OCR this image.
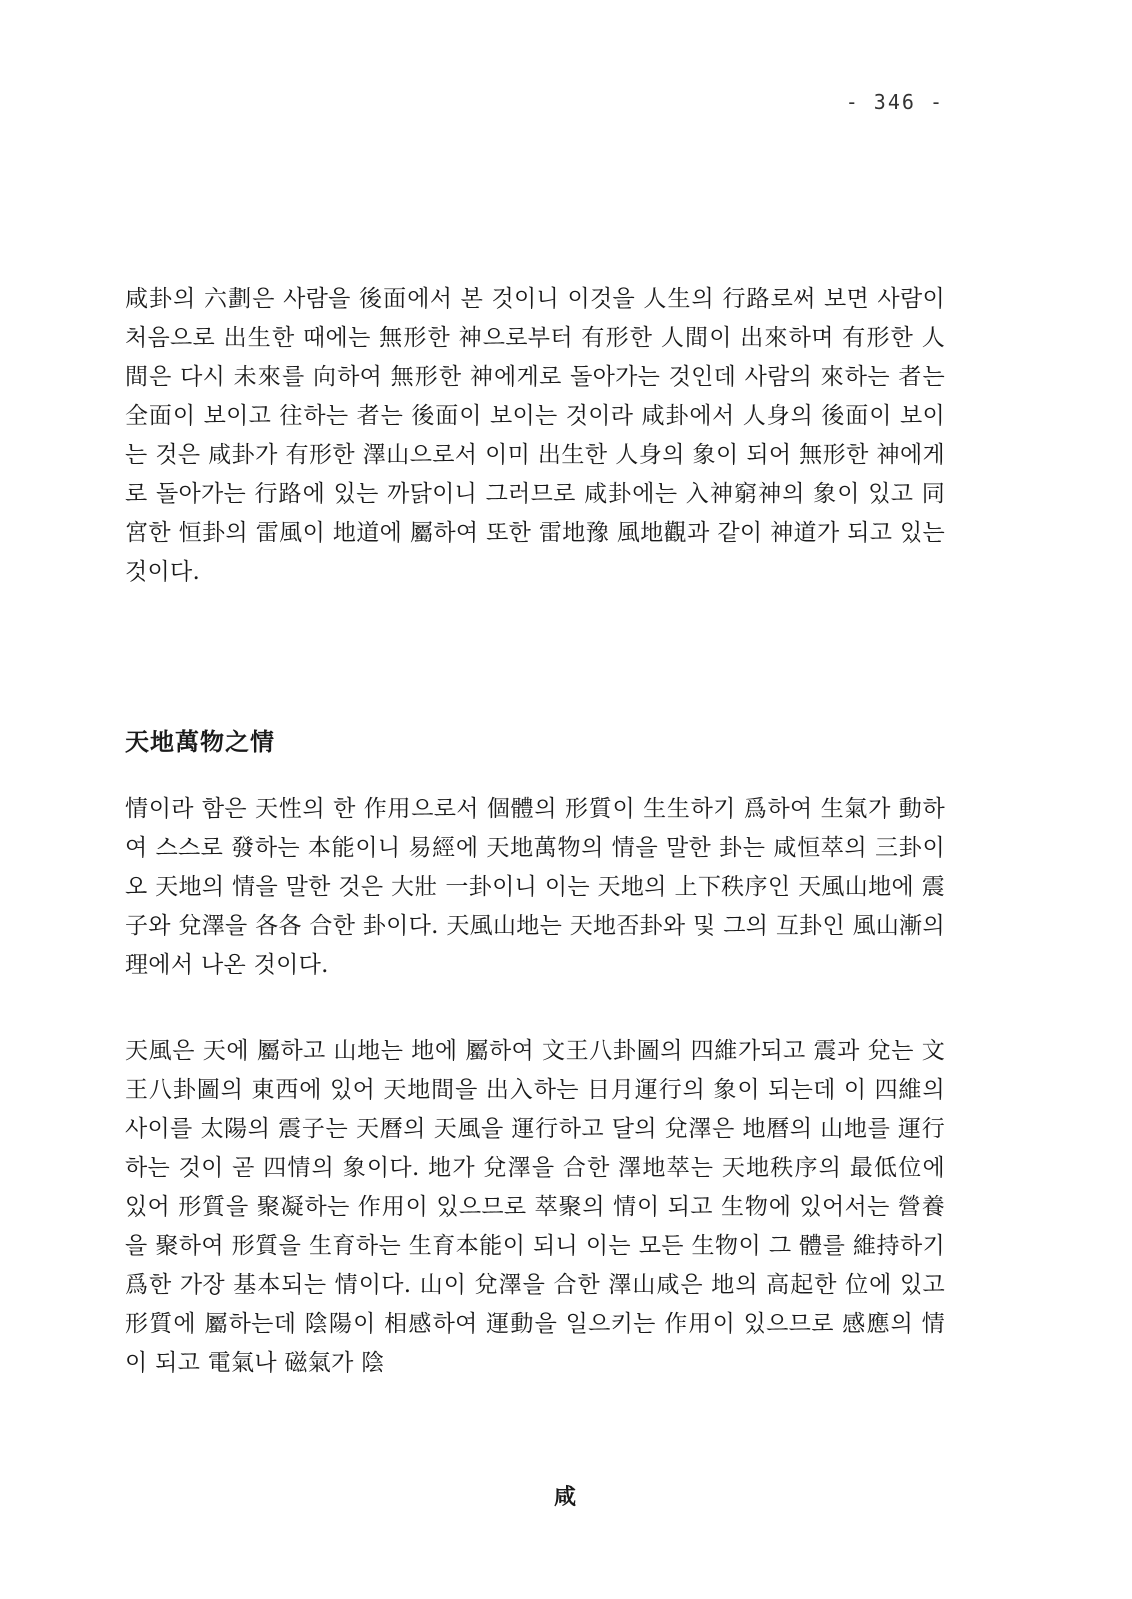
- 346 -

咸卦의 六劃은 사람을 後面에서 본 것이니 이것을 人生의 行路로써 보면 사람이 처음으로 出生한 때에는 無形한 神으로부터 有形한 人間이 出來하며 有形한 人間은 다시 未來를 向하여 無形한 神에게로 돌아가는 것인데 사람의 來하는 者는 全面이 보이고 往하는 者는 後面이 보이는 것이라 咸卦에서 人身의 後面이 보이는 것은 咸卦가 有形한 澤山으로서 이미 出生한 人身의 象이 되어 無形한 神에게로 돌아가는 行路에 있는 까닭이니 그러므로 咸卦에는 入神窮神의 象이 있고 同宮한 恒卦의 雷風이 地道에 屬하여 또한 雷地豫 風地觀과 같이 神道가 되고 있는 것이다.

天地萬物之情

情이라 함은 天性의 한 作用으로서 個體의 形質이 生生하기 爲하여 生氣가 動하여 스스로 發하는 本能이니 易經에 天地萬物의 情을 말한 卦는 咸恒萃의 三卦이오 天地의 情을 말한 것은 大壯 一卦이니 이는 天地의 上下秩序인 天風山地에 震子와 兌澤을 各各 合한 卦이다. 天風山地는 天地否卦와 및 그의 互卦인 風山漸의 理에서 나온 것이다.

天風은 天에 屬하고 山地는 地에 屬하여 文王八卦圖의 四維가되고 震과 兌는 文王八卦圖의 東西에 있어 天地間을 出入하는 日月運行의 象이 되는데 이 四維의 사이를 太陽의 震子는 天曆의 天風을 運行하고 달의 兌澤은 地曆의 山地를 運行하는 것이 곧 四情의 象이다. 地가 兌澤을 合한 澤地萃는 天地秩序의 最低位에 있어 形質을 聚凝하는 作用이 있으므로 萃聚의 情이 되고 生物에 있어서는 營養을 聚하여 形質을 生育하는 生育本能이 되니 이는 모든 生物이 그 體를 維持하기 爲한 가장 基本되는 情이다. 山이 兌澤을 合한 澤山咸은 地의 高起한 位에 있고 形質에 屬하는데 陰陽이 相感하여 運動을 일으키는 作用이 있으므로 感應의 情이 되고 電氣나 磁氣가 陰

咸
